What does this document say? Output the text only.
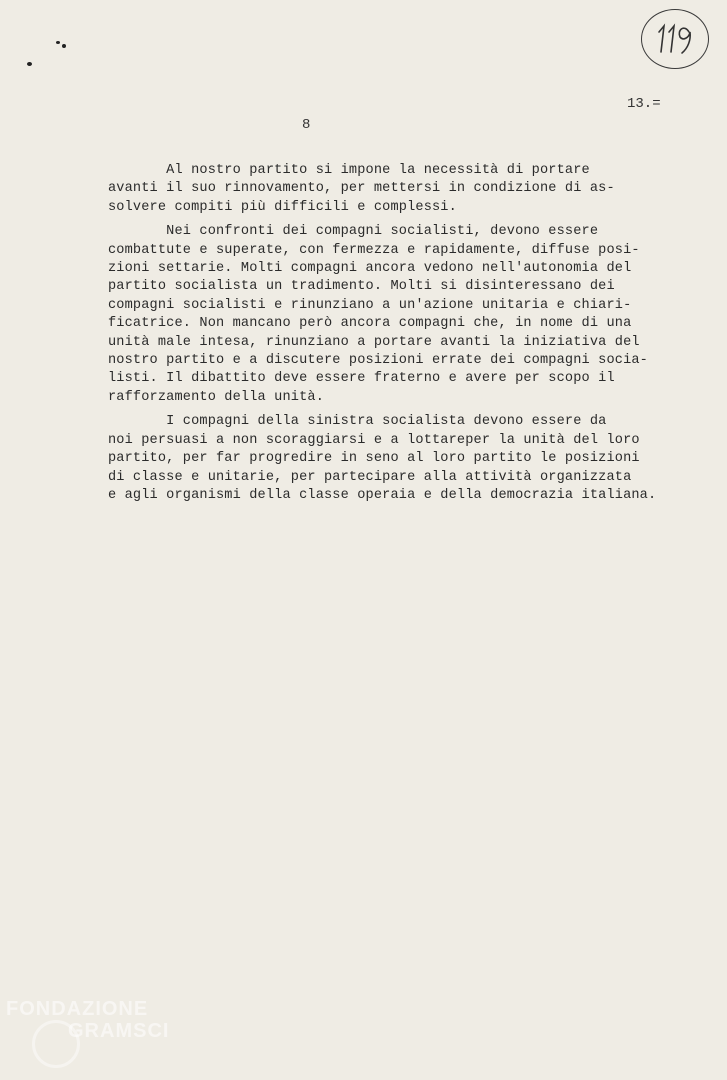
13.=
8

Al nostro partito si impone la necessità di portare

avanti il suo rinnovamento, per mettersi in condizione di as-

solvere compiti più difficili e complessi.

Nei confronti dei compagni socialisti, devono essere

combattute e superate, con fermezza e rapidamente, diffuse posi-

zioni settarie. Molti compagni ancora vedono nell'autonomia del

partito socialista un tradimento. Molti si disinteressano dei

compagni socialisti e rinunziano a un'azione unitaria e chiari-

ficatrice. Non mancano però ancora compagni che, in nome di una

unità male intesa, rinunziano a portare avanti la iniziativa del

nostro partito e a discutere posizioni errate dei compagni socia-

listi. Il dibattito deve essere fraterno e avere per scopo il

rafforzamento della unità.

I compagni della sinistra socialista devono essere da

noi persuasi a non scoraggiarsi e a lottareper la unità del loro

partito, per far progredire in seno al loro partito le posizioni

di classe e unitarie, per partecipare alla attività organizzata

e agli organismi della classe operaia e della democrazia italiana.

FONDAZIONE
GRAMSCI
